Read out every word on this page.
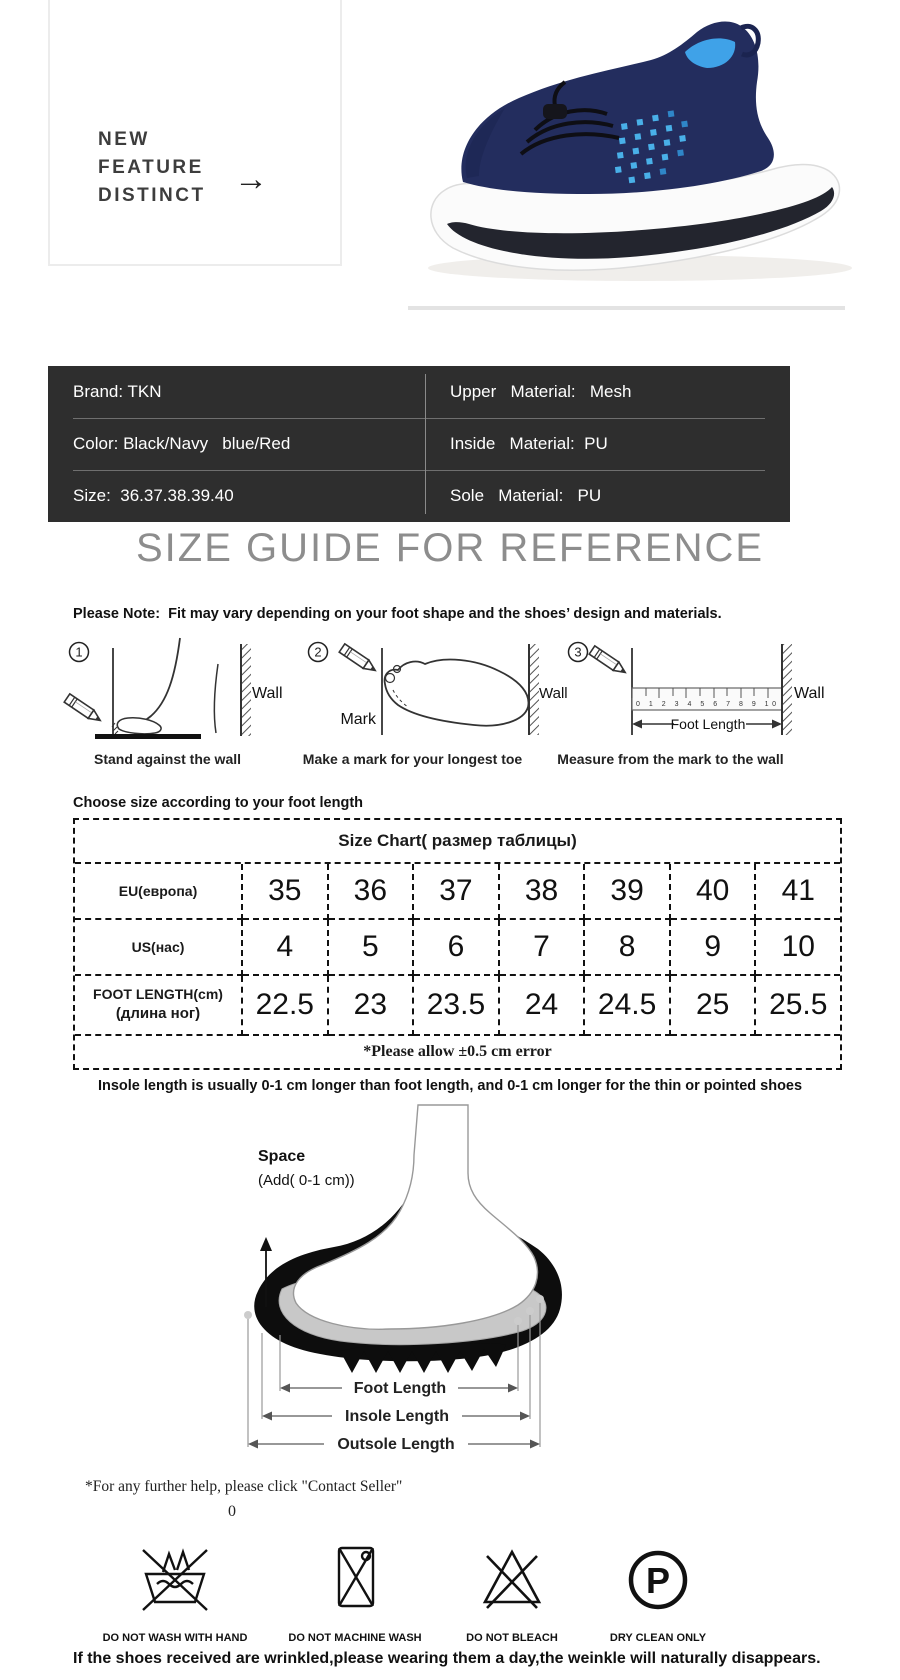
NEW
FEATURE
DISTINCT →
Brand: TKN	Upper   Material:   Mesh
Color: Black/Navy   blue/Red	Inside   Material:  PU
Size:  36.37.38.39.40	Sole   Material:   PU
SIZE GUIDE FOR REFERENCE
Please Note:  Fit may vary depending on your foot shape and the shoes’ design and materials.
1
Wall
2
Mark
Wall
3
0 1 2 3 4 5 6 7 8 9 10
Wall
Foot Length
Stand against the wall	Make a mark for your longest toe	Measure from the mark to the wall
Choose size according to your foot length
Size Chart( размер таблицы)
EU(европа)	35	36	37	38	39	40	41
US(нас)	4	5	6	7	8	9	10
FOOT LENGTH(cm)
(длина ног)	22.5	23	23.5	24	24.5	25	25.5
*Please allow ±0.5 cm error
Insole length is usually 0-1 cm longer than foot length, and 0-1 cm longer for the thin or pointed shoes
Space
(Add( 0-1 cm))
Foot Length
Insole Length
Outsole Length
*For any further help, please click "Contact Seller"
0
P
DO NOT WASH WITH HAND	DO NOT MACHINE WASH	DO NOT BLEACH	DRY CLEAN ONLY
If the shoes received are wrinkled,please wearing them a day,the weinkle will naturally disappears.
